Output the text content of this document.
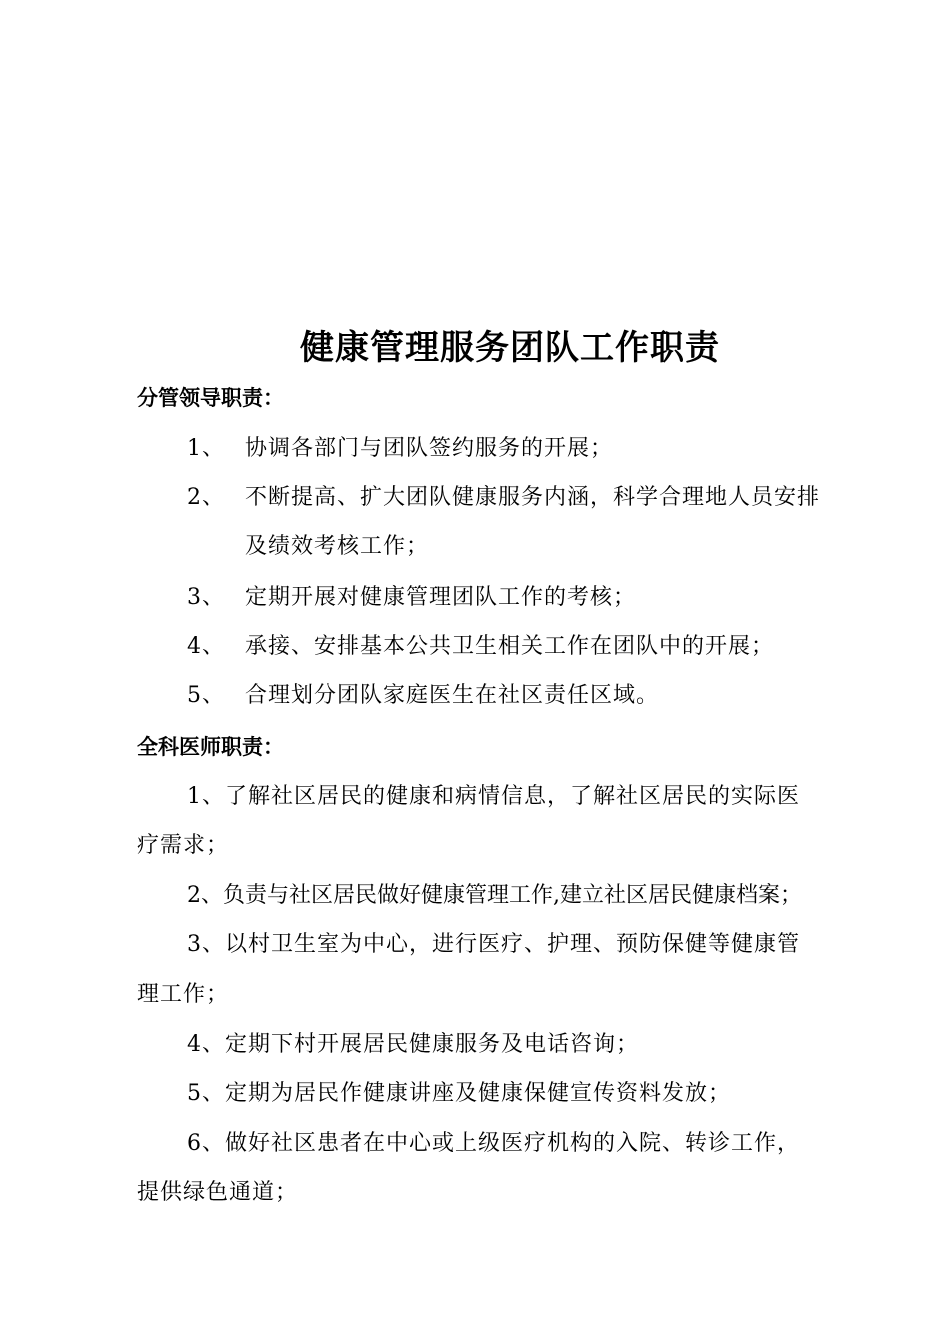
健康管理服务团队工作职责
分管领导职责：
1、 协调各部门与团队签约服务的开展；
2、 不断提高、扩大团队健康服务内涵，科学合理地人员安排
及绩效考核工作；
3、 定期开展对健康管理团队工作的考核；
4、 承接、安排基本公共卫生相关工作在团队中的开展；
5、 合理划分团队家庭医生在社区责任区域。
全科医师职责：
1、了解社区居民的健康和病情信息，了解社区居民的实际医
疗需求；
2、负责与社区居民做好健康管理工作,建立社区居民健康档案；
3、以村卫生室为中心，进行医疗、护理、预防保健等健康管
理工作；
4、定期下村开展居民健康服务及电话咨询；
5、定期为居民作健康讲座及健康保健宣传资料发放；
6、做好社区患者在中心或上级医疗机构的入院、转诊工作，
提供绿色通道；
